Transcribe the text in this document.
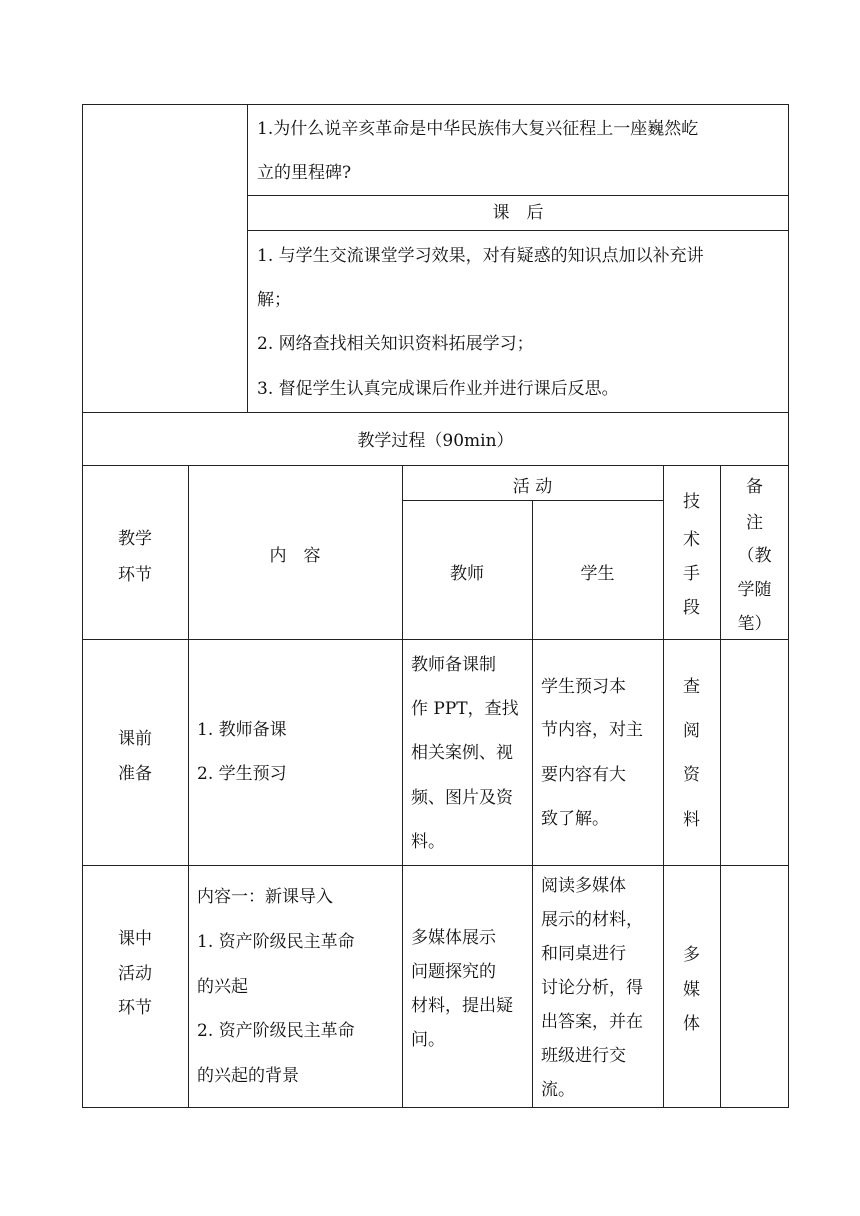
1.为什么说辛亥革命是中华民族伟大复兴征程上一座巍然屹
立的里程碑?
课　后
1. 与学生交流课堂学习效果，对有疑惑的知识点加以补充讲
解；
2. 网络查找相关知识资料拓展学习；
3. 督促学生认真完成课后作业并进行课后反思。
教学过程（90min）
教学
环节
内　容
活 动
教师	学生
技
术
手
段
备
注
（教
学随
笔）
课前
准备
1. 教师备课
2. 学生预习
教师备课制
作 PPT，查找
相关案例、视
频、图片及资
料。
学生预习本
节内容，对主
要内容有大
致了解。
查
阅
资
料
课中
活动
环节
内容一：新课导入
1. 资产阶级民主革命
的兴起
2. 资产阶级民主革命
的兴起的背景
多媒体展示
问题探究的
材料，提出疑
问。
阅读多媒体
展示的材料，
和同桌进行
讨论分析，得
出答案，并在
班级进行交
流。
多
媒
体
